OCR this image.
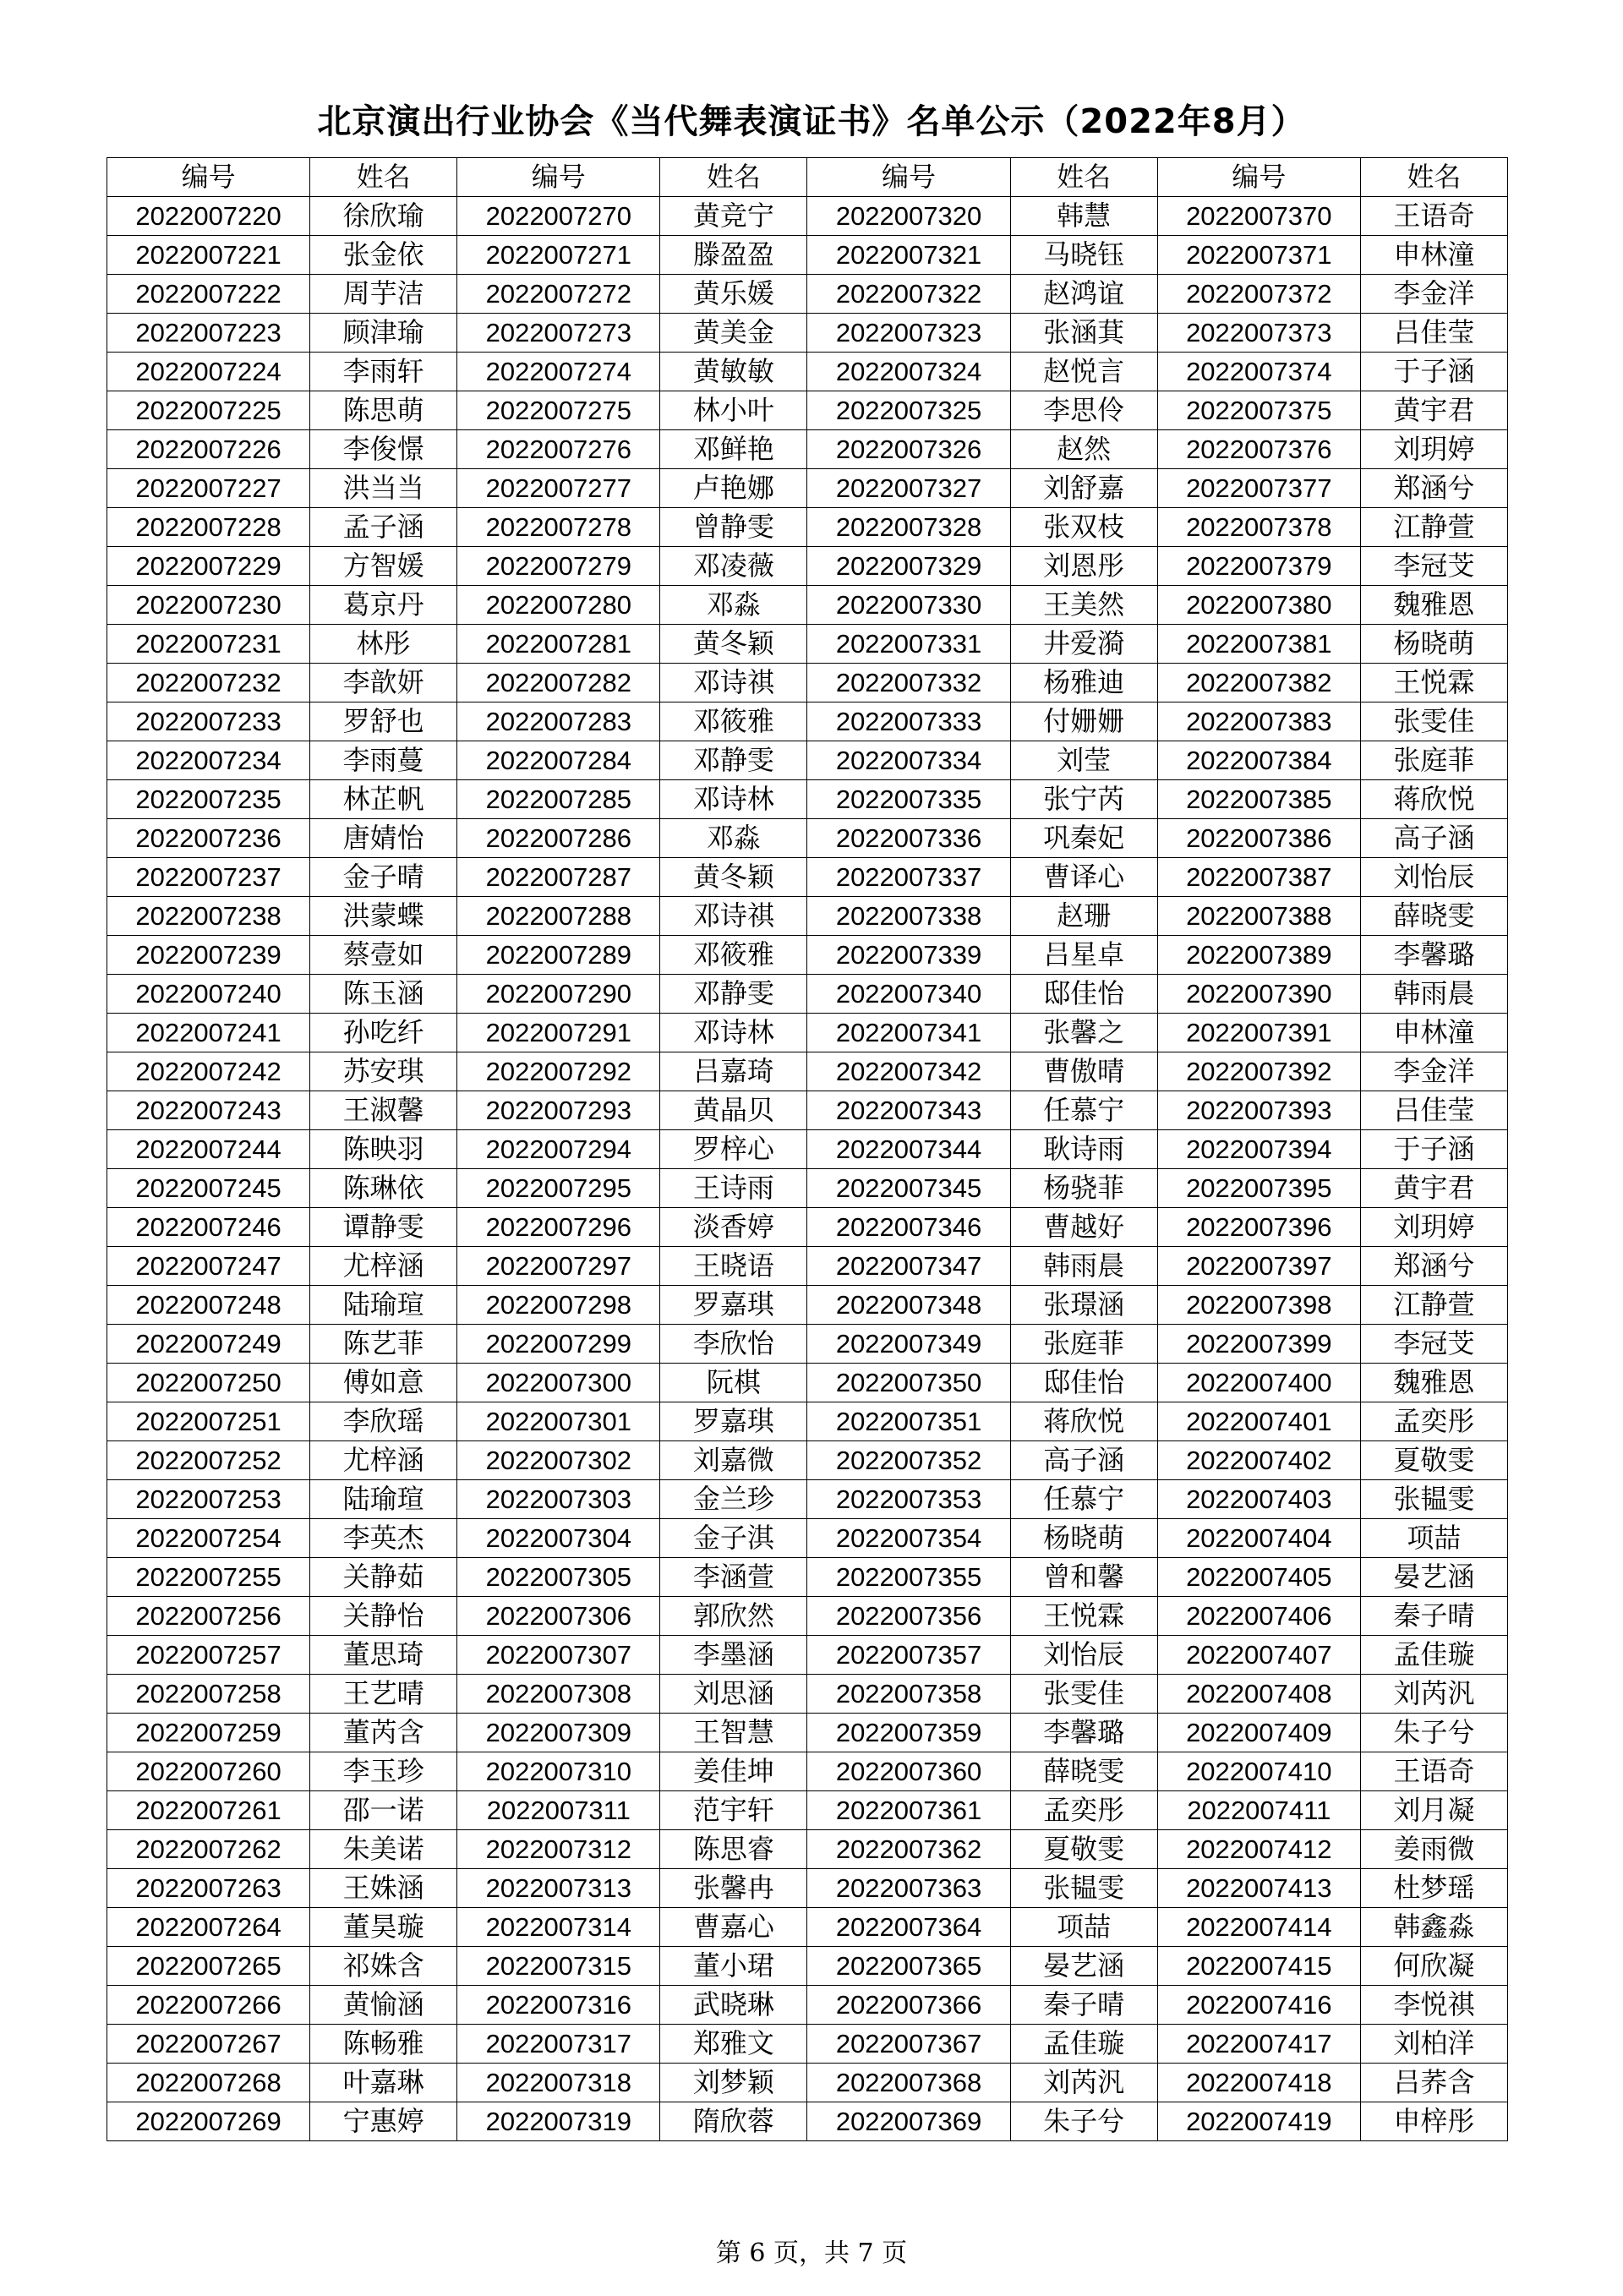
北京演出行业协会《当代舞表演证书》名单公示（2022年8月）
编号	姓名	编号	姓名	编号	姓名	编号	姓名
2022007220	徐欣瑜	2022007270	黄竞宁	2022007320	韩慧	2022007370	王语奇
2022007221	张金依	2022007271	滕盈盈	2022007321	马晓钰	2022007371	申林潼
2022007222	周芋洁	2022007272	黄乐媛	2022007322	赵鸿谊	2022007372	李金洋
2022007223	顾津瑜	2022007273	黄美金	2022007323	张涵萁	2022007373	吕佳莹
2022007224	李雨轩	2022007274	黄敏敏	2022007324	赵悦言	2022007374	于子涵
2022007225	陈思萌	2022007275	林小叶	2022007325	李思伶	2022007375	黄宇君
2022007226	李俊憬	2022007276	邓鲜艳	2022007326	赵然	2022007376	刘玥婷
2022007227	洪当当	2022007277	卢艳娜	2022007327	刘舒嘉	2022007377	郑涵兮
2022007228	孟子涵	2022007278	曾静雯	2022007328	张双枝	2022007378	江静萱
2022007229	方智媛	2022007279	邓凌薇	2022007329	刘恩彤	2022007379	李冠芠
2022007230	葛京丹	2022007280	邓淼	2022007330	王美然	2022007380	魏雅恩
2022007231	林彤	2022007281	黄冬颖	2022007331	井爱漪	2022007381	杨晓萌
2022007232	李歆妍	2022007282	邓诗祺	2022007332	杨雅迪	2022007382	王悦霖
2022007233	罗舒也	2022007283	邓筱雅	2022007333	付姗姗	2022007383	张雯佳
2022007234	李雨蔓	2022007284	邓静雯	2022007334	刘莹	2022007384	张庭菲
2022007235	林芷帆	2022007285	邓诗林	2022007335	张宁芮	2022007385	蒋欣悦
2022007236	唐婧怡	2022007286	邓淼	2022007336	巩秦妃	2022007386	高子涵
2022007237	金子晴	2022007287	黄冬颖	2022007337	曹译心	2022007387	刘怡辰
2022007238	洪蒙蝶	2022007288	邓诗祺	2022007338	赵珊	2022007388	薛晓雯
2022007239	蔡壹如	2022007289	邓筱雅	2022007339	吕星卓	2022007389	李馨璐
2022007240	陈玉涵	2022007290	邓静雯	2022007340	邸佳怡	2022007390	韩雨晨
2022007241	孙吃纤	2022007291	邓诗林	2022007341	张馨之	2022007391	申林潼
2022007242	苏安琪	2022007292	吕嘉琦	2022007342	曹傲晴	2022007392	李金洋
2022007243	王淑馨	2022007293	黄晶贝	2022007343	任慕宁	2022007393	吕佳莹
2022007244	陈映羽	2022007294	罗梓心	2022007344	耿诗雨	2022007394	于子涵
2022007245	陈琳依	2022007295	王诗雨	2022007345	杨骁菲	2022007395	黄宇君
2022007246	谭静雯	2022007296	淡香婷	2022007346	曹越好	2022007396	刘玥婷
2022007247	尤梓涵	2022007297	王晓语	2022007347	韩雨晨	2022007397	郑涵兮
2022007248	陆瑜瑄	2022007298	罗嘉琪	2022007348	张璟涵	2022007398	江静萱
2022007249	陈艺菲	2022007299	李欣怡	2022007349	张庭菲	2022007399	李冠芠
2022007250	傅如意	2022007300	阮棋	2022007350	邸佳怡	2022007400	魏雅恩
2022007251	李欣瑶	2022007301	罗嘉琪	2022007351	蒋欣悦	2022007401	孟奕彤
2022007252	尤梓涵	2022007302	刘嘉微	2022007352	高子涵	2022007402	夏敬雯
2022007253	陆瑜瑄	2022007303	金兰珍	2022007353	任慕宁	2022007403	张韫雯
2022007254	李英杰	2022007304	金子淇	2022007354	杨晓萌	2022007404	项喆
2022007255	关静茹	2022007305	李涵萱	2022007355	曾和馨	2022007405	晏艺涵
2022007256	关静怡	2022007306	郭欣然	2022007356	王悦霖	2022007406	秦子晴
2022007257	董思琦	2022007307	李墨涵	2022007357	刘怡辰	2022007407	孟佳璇
2022007258	王艺晴	2022007308	刘思涵	2022007358	张雯佳	2022007408	刘芮汎
2022007259	董芮含	2022007309	王智慧	2022007359	李馨璐	2022007409	朱子兮
2022007260	李玉珍	2022007310	姜佳坤	2022007360	薛晓雯	2022007410	王语奇
2022007261	邵一诺	2022007311	范宇轩	2022007361	孟奕彤	2022007411	刘月凝
2022007262	朱美诺	2022007312	陈思睿	2022007362	夏敬雯	2022007412	姜雨微
2022007263	王姝涵	2022007313	张馨冉	2022007363	张韫雯	2022007413	杜梦瑶
2022007264	董昊璇	2022007314	曹嘉心	2022007364	项喆	2022007414	韩鑫淼
2022007265	祁姝含	2022007315	董小珺	2022007365	晏艺涵	2022007415	何欣凝
2022007266	黄愉涵	2022007316	武晓琳	2022007366	秦子晴	2022007416	李悦祺
2022007267	陈畅雅	2022007317	郑雅文	2022007367	孟佳璇	2022007417	刘柏洋
2022007268	叶嘉琳	2022007318	刘梦颖	2022007368	刘芮汎	2022007418	吕荞含
2022007269	宁惠婷	2022007319	隋欣蓉	2022007369	朱子兮	2022007419	申梓彤
第 6 页，共 7 页
